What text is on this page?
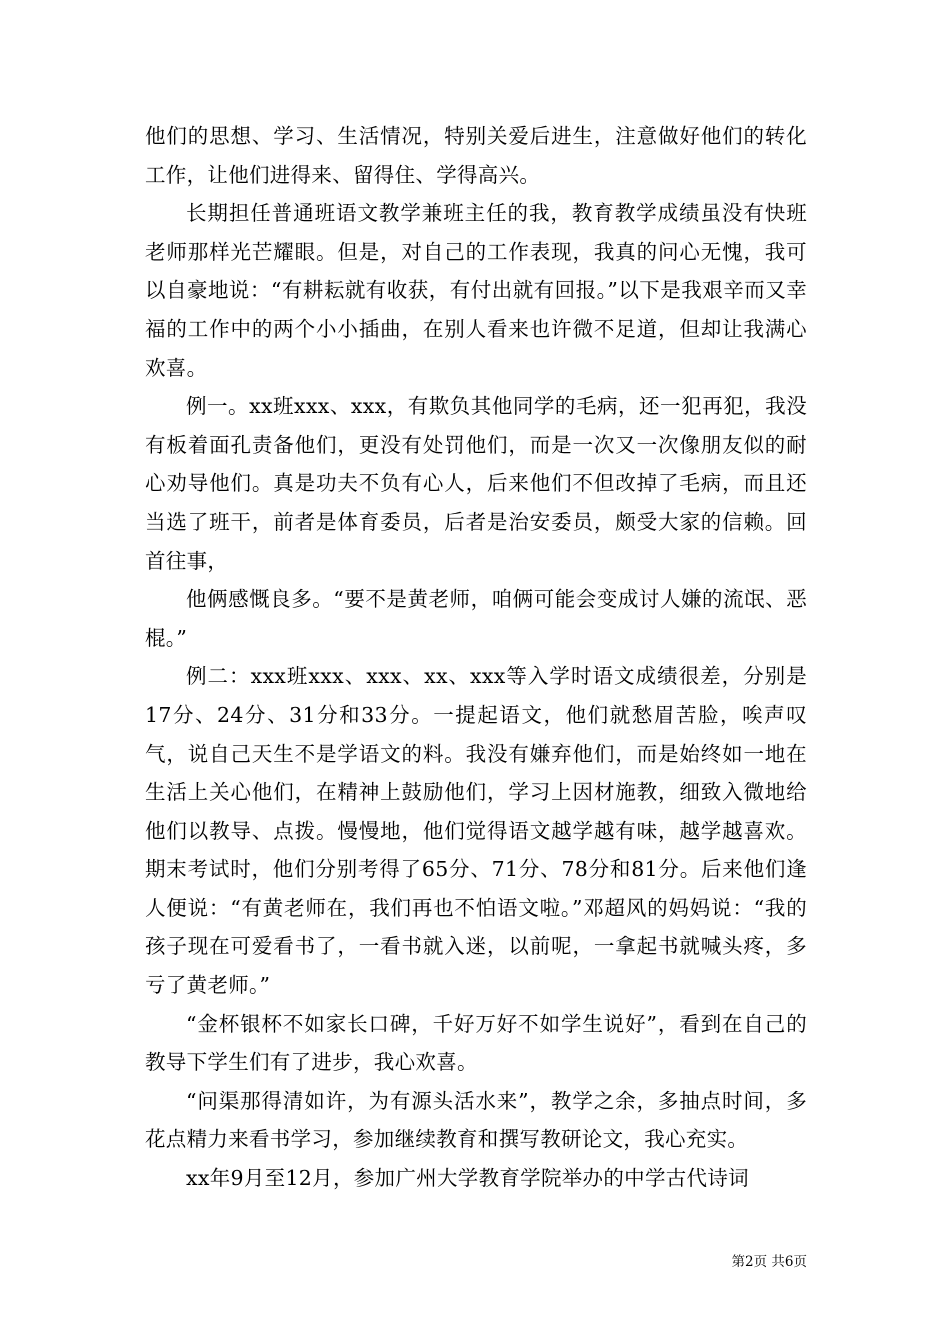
他们的思想、学习、生活情况，特别关爱后进生，注意做好他们的转化工作，让他们进得来、留得住、学得高兴。

长期担任普通班语文教学兼班主任的我，教育教学成绩虽没有快班老师那样光芒耀眼。但是，对自己的工作表现，我真的问心无愧，我可以自豪地说：“有耕耘就有收获，有付出就有回报。”以下是我艰辛而又幸福的工作中的两个小小插曲，在别人看来也许微不足道，但却让我满心欢喜。

例一。xx班xxx、xxx，有欺负其他同学的毛病，还一犯再犯，我没有板着面孔责备他们，更没有处罚他们，而是一次又一次像朋友似的耐心劝导他们。真是功夫不负有心人，后来他们不但改掉了毛病，而且还当选了班干，前者是体育委员，后者是治安委员，颇受大家的信赖。回首往事，

他俩感慨良多。“要不是黄老师，咱俩可能会变成讨人嫌的流氓、恶棍。”

例二：xxx班xxx、xxx、xx、xxx等入学时语文成绩很差，分别是17分、24分、31分和33分。一提起语文，他们就愁眉苦脸，唉声叹气，说自己天生不是学语文的料。我没有嫌弃他们，而是始终如一地在生活上关心他们，在精神上鼓励他们，学习上因材施教，细致入微地给他们以教导、点拨。慢慢地，他们觉得语文越学越有味，越学越喜欢。期末考试时，他们分别考得了65分、71分、78分和81分。后来他们逢人便说：“有黄老师在，我们再也不怕语文啦。”邓超风的妈妈说：“我的孩子现在可爱看书了，一看书就入迷，以前呢，一拿起书就喊头疼，多亏了黄老师。”

“金杯银杯不如家长口碑，千好万好不如学生说好”，看到在自己的教导下学生们有了进步，我心欢喜。

“问渠那得清如许，为有源头活水来”，教学之余，多抽点时间，多花点精力来看书学习，参加继续教育和撰写教研论文，我心充实。

xx年9月至12月，参加广州大学教育学院举办的中学古代诗词

第2页 共6页
